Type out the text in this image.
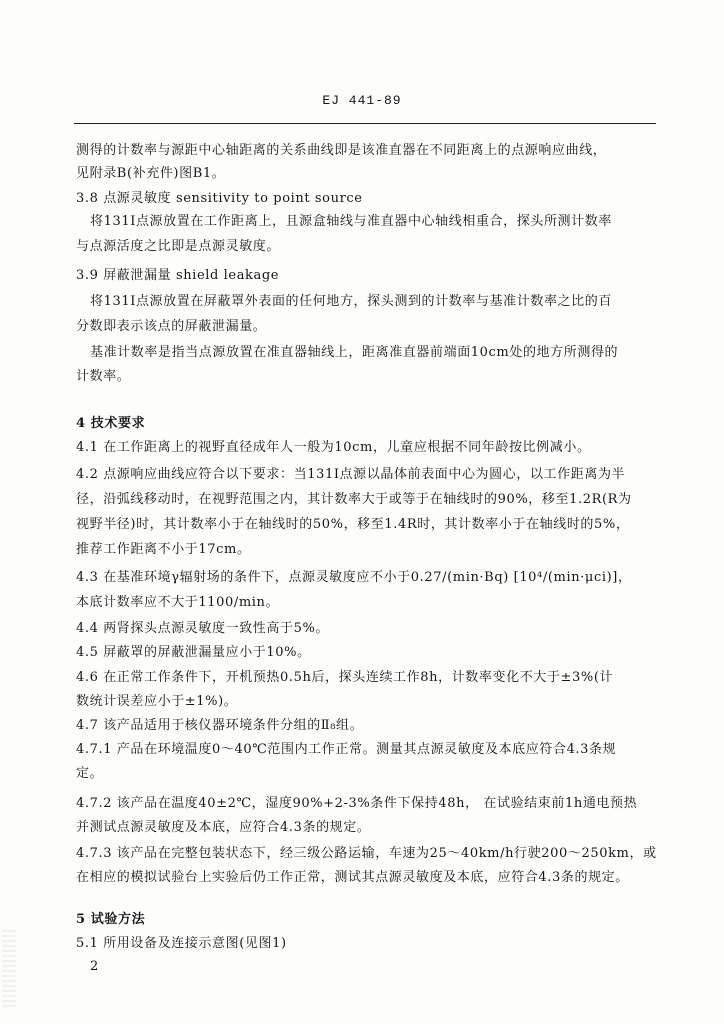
EJ 441-89
测得的计数率与源距中心轴距离的关系曲线即是该准直器在不同距离上的点源响应曲线，
见附录B(补充件)图B1。
3.8 点源灵敏度 sensitivity to point source
将131I点源放置在工作距离上，且源盒轴线与准直器中心轴线相重合，探头所测计数率
与点源活度之比即是点源灵敏度。
3.9 屏蔽泄漏量 shield leakage
将131I点源放置在屏蔽罩外表面的任何地方，探头测到的计数率与基准计数率之比的百
分数即表示该点的屏蔽泄漏量。
基准计数率是指当点源放置在准直器轴线上，距离准直器前端面10cm处的地方所测得的
计数率。
4 技术要求
4.1 在工作距离上的视野直径成年人一般为10cm，儿童应根据不同年龄按比例减小。
4.2 点源响应曲线应符合以下要求：当131I点源以晶体前表面中心为圆心，以工作距离为半
径，沿弧线移动时，在视野范围之内，其计数率大于或等于在轴线时的90%，移至1.2R(R为
视野半径)时，其计数率小于在轴线时的50%，移至1.4R时，其计数率小于在轴线时的5%，
推荐工作距离不小于17cm。
4.3 在基准环境γ辐射场的条件下，点源灵敏度应不小于0.27/(min·Bq) [10⁴/(min·μci)]，
本底计数率应不大于1100/min。
4.4 两肾探头点源灵敏度一致性高于5%。
4.5 屏蔽罩的屏蔽泄漏量应小于10%。
4.6 在正常工作条件下，开机预热0.5h后，探头连续工作8h，计数率变化不大于±3%(计
数统计误差应小于±1%)。
4.7 该产品适用于核仪器环境条件分组的Ⅱ₈组。
4.7.1 产品在环境温度0～40℃范围内工作正常。测量其点源灵敏度及本底应符合4.3条规
定。
4.7.2 该产品在温度40±2℃，湿度90%+2-3%条件下保持48h， 在试验结束前1h通电预热
并测试点源灵敏度及本底，应符合4.3条的规定。
4.7.3 该产品在完整包装状态下，经三级公路运输，车速为25～40km/h行驶200～250km，或
在相应的模拟试验台上实验后仍工作正常，测试其点源灵敏度及本底，应符合4.3条的规定。
5 试验方法
5.1 所用设备及连接示意图(见图1)
2
